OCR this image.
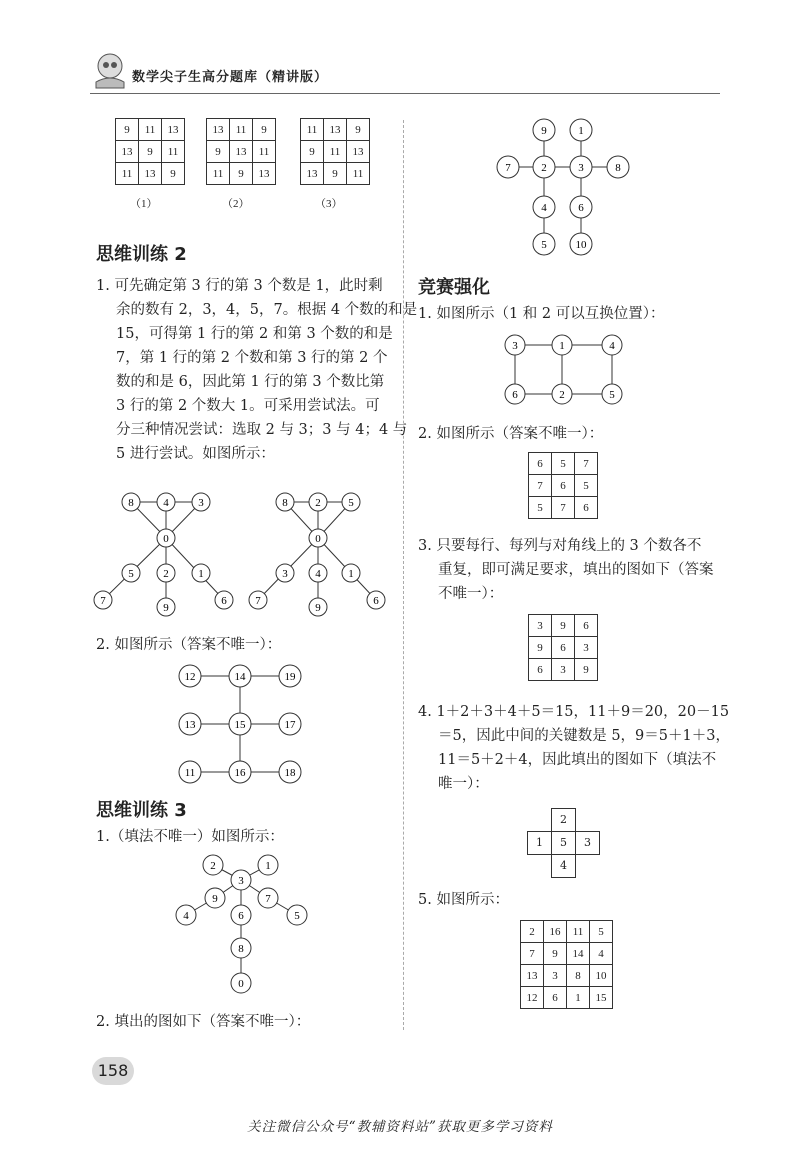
数学尖子生高分题库（精讲版）
9	11	13
13	9	11
11	13	9
（1）
13	11	9
9	13	11
11	9	13
（2）
11	13	9
9	11	13
13	9	11
（3）
思维训练 2
1. 可先确定第 3 行的第 3 个数是 1，此时剩
余的数有 2，3，4，5，7。根据 4 个数的和是
15，可得第 1 行的第 2 和第 3 个数的和是
7，第 1 行的第 2 个数和第 3 行的第 2 个
数的和是 6，因此第 1 行的第 3 个数比第
3 行的第 2 个数大 1。可采用尝试法。可
分三种情况尝试：选取 2 与 3；3 与 4；4 与
5 进行尝试。如图所示：
8	4	3
0
5	2	1
7
9
6
8	2	5
0
3	4	1
7
9
6
2. 如图所示（答案不唯一）：
12	14	19
13	15	17
11	16	18
思维训练 3
1.（填法不唯一）如图所示：
2	1
3
9	7
4	6	5
8
0
2. 填出的图如下（答案不唯一）：
9	1
7	2	3	8
4	6
5	10
竞赛强化
1. 如图所示（1 和 2 可以互换位置）：
3	1	4
6	2	5
2. 如图所示（答案不唯一）：
6	5	7
7	6	5
5	7	6
3. 只要每行、每列与对角线上的 3 个数各不
重复，即可满足要求，填出的图如下（答案
不唯一）：
3	9	6
9	6	3
6	3	9
4. 1＋2＋3＋4＋5＝15，11＋9＝20，20－15
＝5，因此中间的关键数是 5，9＝5＋1＋3，
11＝5＋2＋4，因此填出的图如下（填法不
唯一）：
2
1	5	3
4
5. 如图所示：
2	16	11	5
7	9	14	4
13	3	8	10
12	6	1	15
158
关注微信公众号“教辅资料站”获取更多学习资料
